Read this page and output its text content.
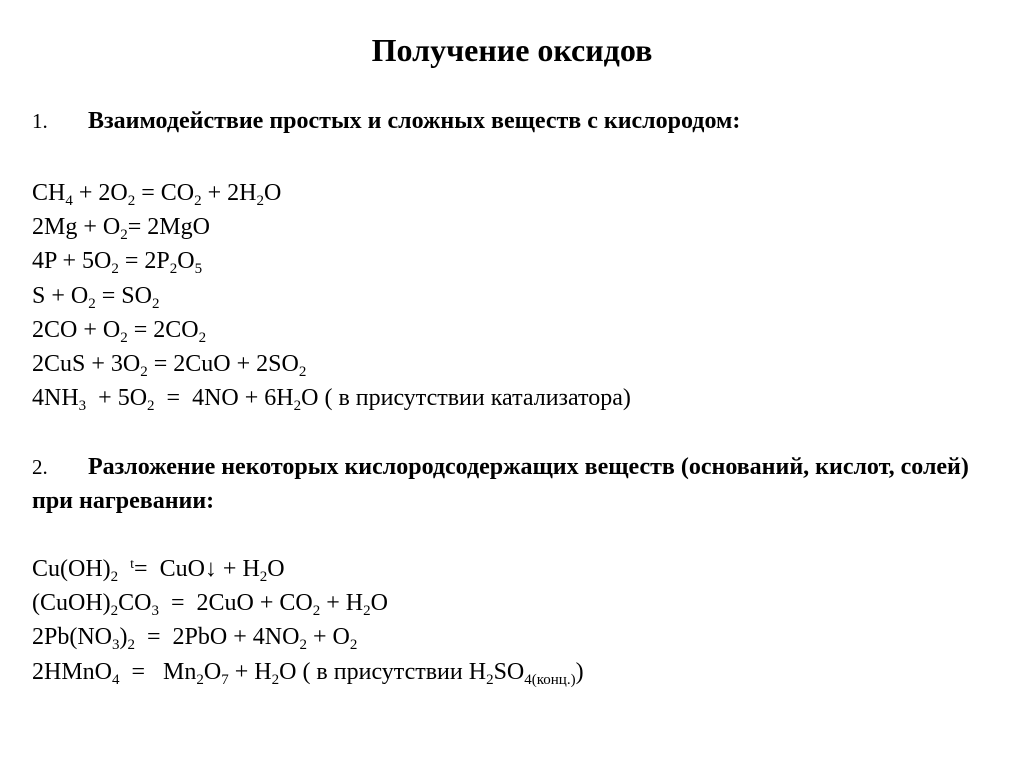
Получение оксидов
1. Взаимодействие простых и сложных веществ с кислородом:
$CH_4 + 2O_2 = CO_2 + 2H_2O$
$2Mg + O_2= 2MgO$
$4P + 5O_2 = 2P_2O_5$
$S + O_2 = SO_2$
$2CO + O_2 = 2CO_2$
$2CuS + 3O_2 = 2CuO + 2SO_2$
$4NH_3 + 5O_2 = 4NO + 6H_2O$ ( в присутствии катализатора)
2. Разложение некоторых кислородсодержащих веществ (оснований, кислот, солей) при нагревании:
$Cu(OH)_2$  $^t$=  CuO↓ + $H_2O$
$(CuOH)_2CO_3 = 2CuO + CO_2 + H_2O$
$2Pb(NO_3)_2 = 2PbO + 4NO_2 + O_2$
2HMnO$_4$  =   $Mn_2O_7 + H_2O$ ( в присутствии $H_2SO_{4(конц.)}$)
